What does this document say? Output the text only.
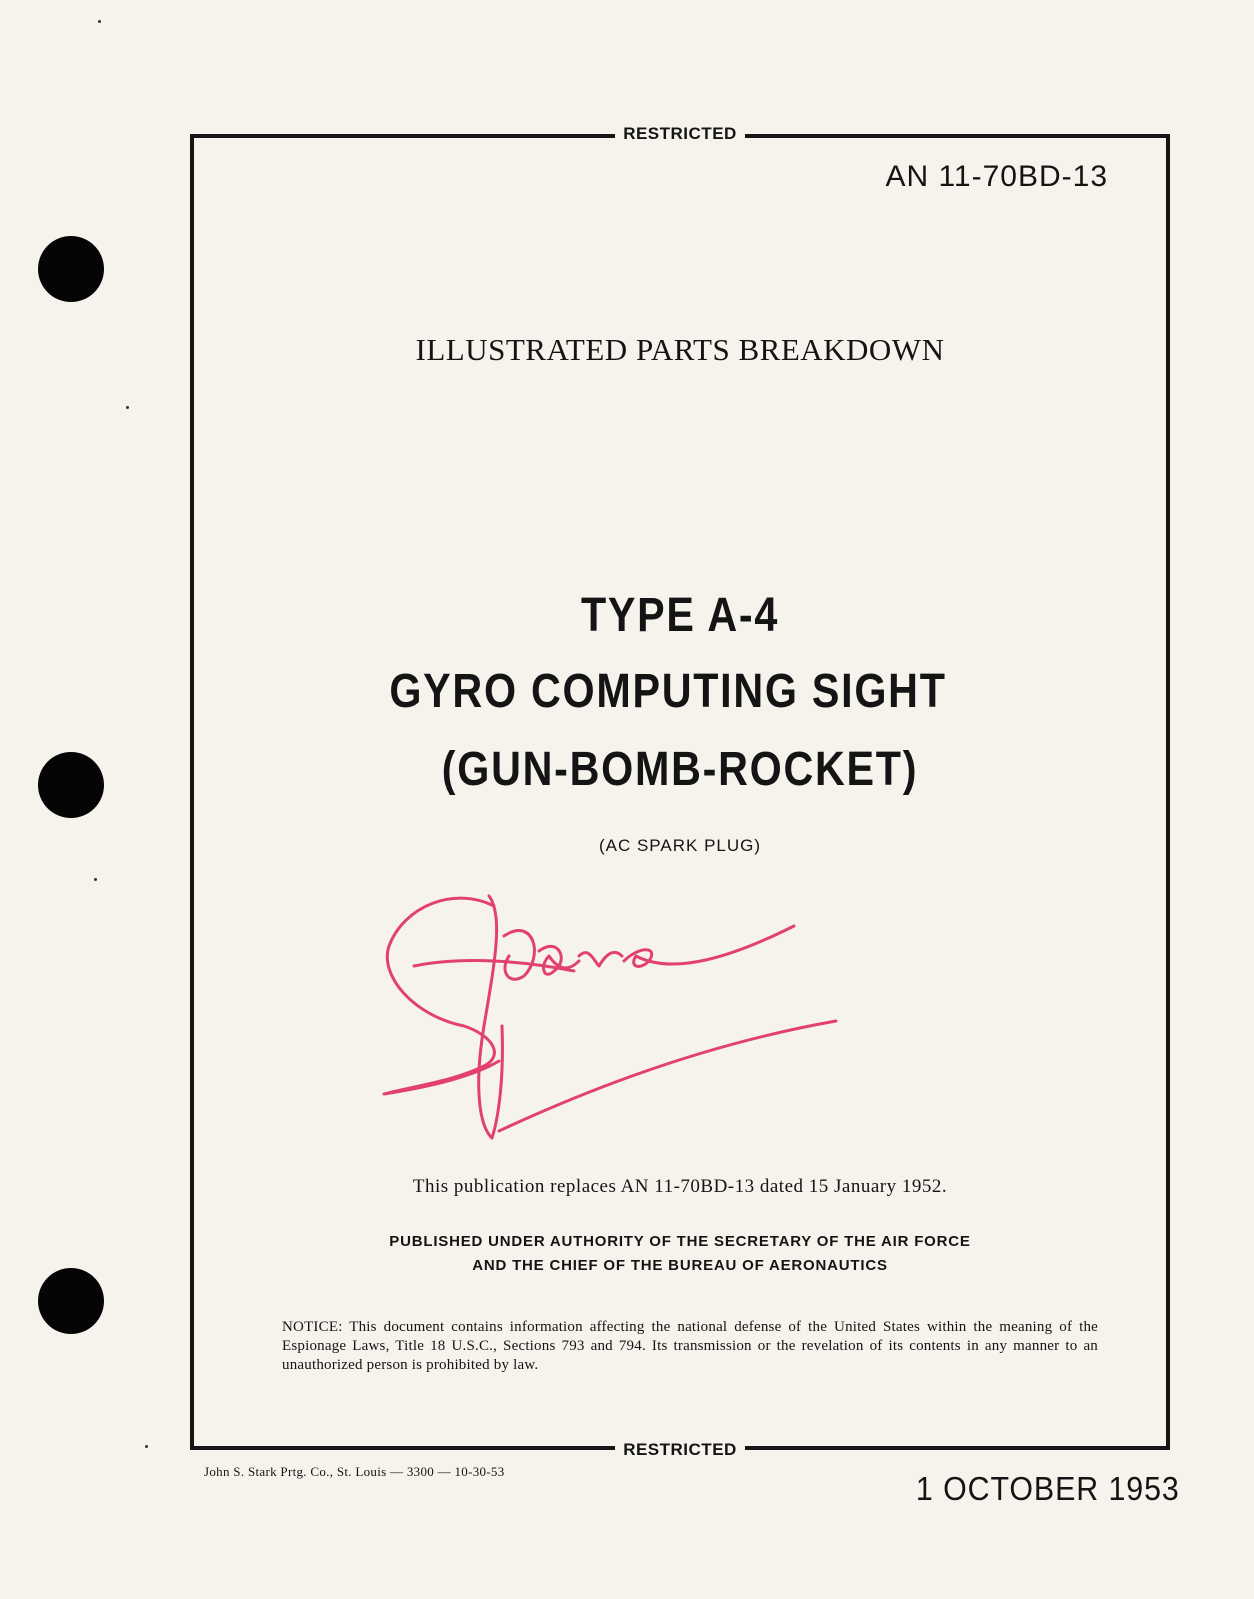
RESTRICTED
AN 11-70BD-13
ILLUSTRATED PARTS BREAKDOWN
TYPE A-4
GYRO COMPUTING SIGHT
(GUN-BOMB-ROCKET)
(AC SPARK PLUG)
This publication replaces AN 11-70BD-13 dated 15 January 1952.
PUBLISHED UNDER AUTHORITY OF THE SECRETARY OF THE AIR FORCE
AND THE CHIEF OF THE BUREAU OF AERONAUTICS
NOTICE: This document contains information affecting the national defense of the United States within the meaning of the Espionage Laws, Title 18 U.S.C., Sections 793 and 794. Its transmission or the revelation of its contents in any manner to an unauthorized person is prohibited by law.
RESTRICTED
John S. Stark Prtg. Co., St. Louis — 3300 — 10-30-53	1 OCTOBER 1953
